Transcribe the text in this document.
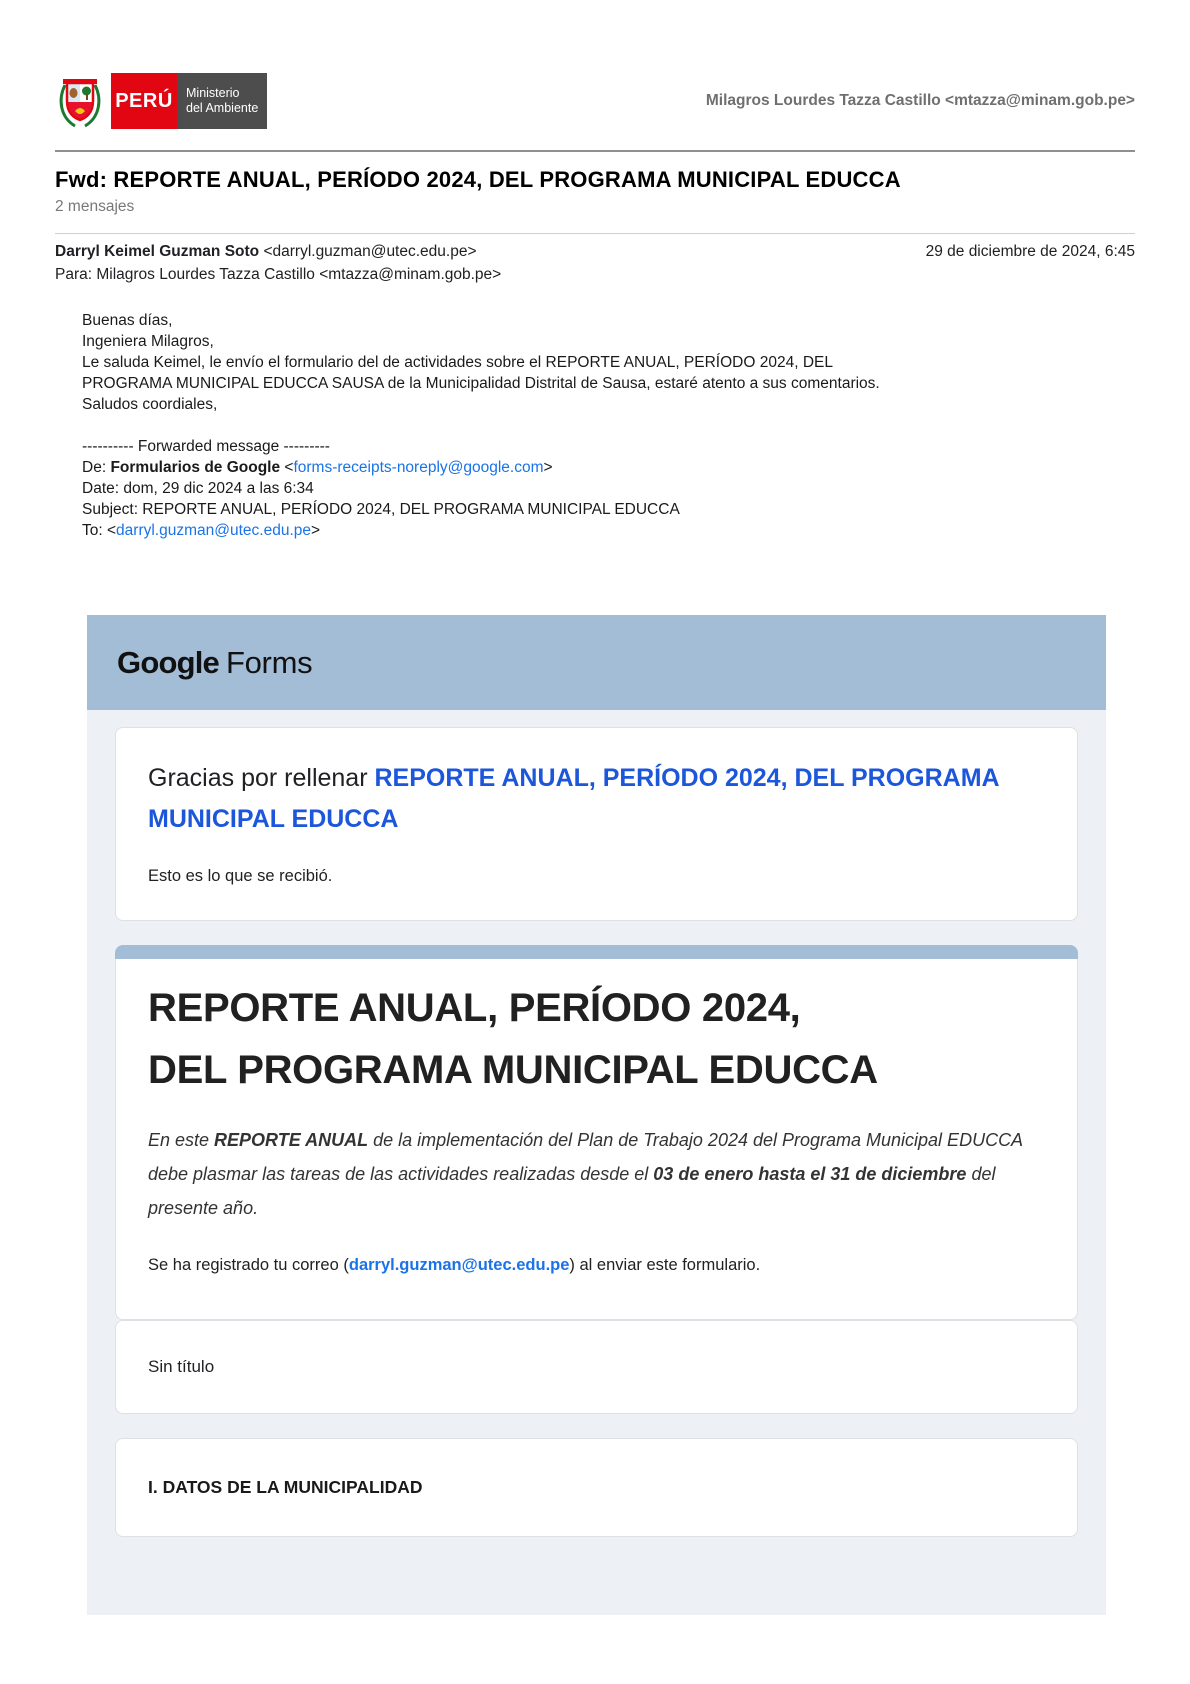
PERÚ	Ministerio
del Ambiente	Milagros Lourdes Tazza Castillo <mtazza@minam.gob.pe>
Fwd: REPORTE ANUAL, PERÍODO 2024, DEL PROGRAMA MUNICIPAL EDUCCA
2 mensajes
Darryl Keimel Guzman Soto <darryl.guzman@utec.edu.pe>	29 de diciembre de 2024, 6:45
Para: Milagros Lourdes Tazza Castillo <mtazza@minam.gob.pe>
Buenas días,
Ingeniera Milagros,
Le saluda Keimel, le envío el formulario del de actividades sobre el REPORTE ANUAL, PERÍODO 2024, DEL
PROGRAMA MUNICIPAL EDUCCA SAUSA de la Municipalidad Distrital de Sausa, estaré atento a sus comentarios.
Saludos coordiales,
---------- Forwarded message ---------
De: Formularios de Google <forms-receipts-noreply@google.com>
Date: dom, 29 dic 2024 a las 6:34
Subject: REPORTE ANUAL, PERÍODO 2024, DEL PROGRAMA MUNICIPAL EDUCCA
To: <darryl.guzman@utec.edu.pe>
Google Forms
Gracias por rellenar REPORTE ANUAL, PERÍODO 2024, DEL PROGRAMA MUNICIPAL EDUCCA
Esto es lo que se recibió.
REPORTE ANUAL, PERÍODO 2024,
DEL PROGRAMA MUNICIPAL EDUCCA
En este REPORTE ANUAL de la implementación del Plan de Trabajo 2024 del Programa Municipal EDUCCA debe plasmar las tareas de las actividades realizadas desde el 03 de enero hasta el 31 de diciembre del presente año.
Se ha registrado tu correo (darryl.guzman@utec.edu.pe) al enviar este formulario.
Sin título
I. DATOS DE LA MUNICIPALIDAD
